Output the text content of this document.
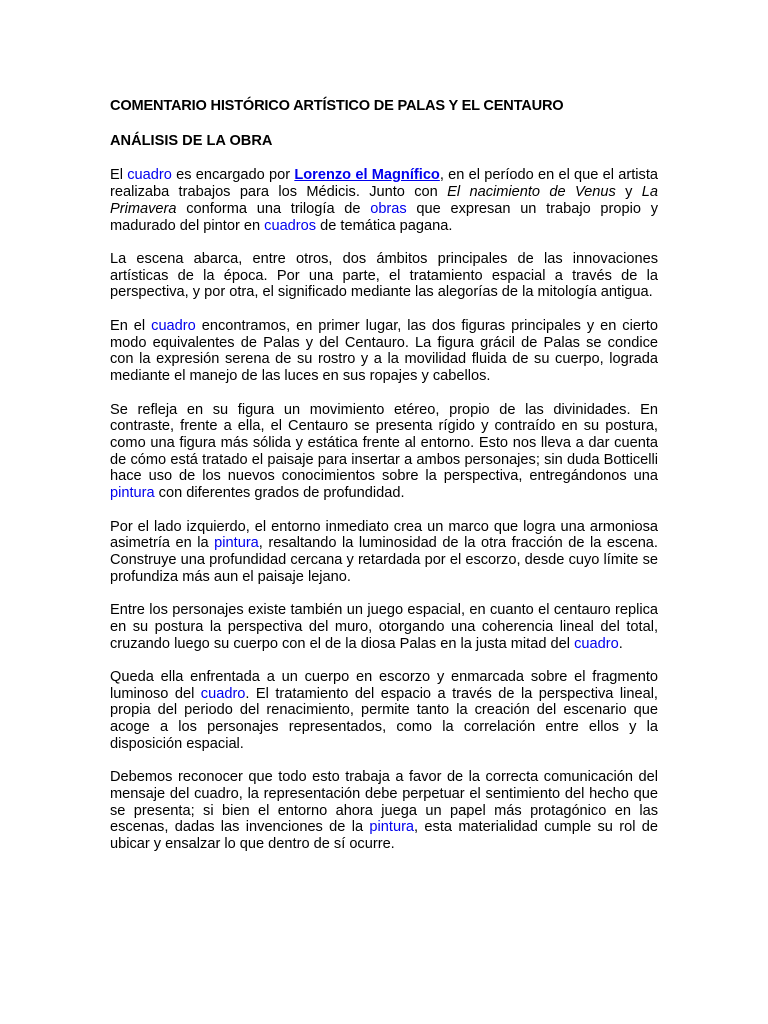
COMENTARIO HISTÓRICO ARTÍSTICO DE PALAS Y EL CENTAURO
ANÁLISIS DE LA OBRA

El cuadro es encargado por Lorenzo el Magnífico, en el período en el que el artista realizaba trabajos para los Médicis. Junto con El nacimiento de Venus y La Primavera conforma una trilogía de obras que expresan un trabajo propio y madurado del pintor en cuadros de temática pagana.

La escena abarca, entre otros, dos ámbitos principales de las innovaciones artísticas de la época. Por una parte, el tratamiento espacial a través de la perspectiva, y por otra, el significado mediante las alegorías de la mitología antigua.

En el cuadro encontramos, en primer lugar, las dos figuras principales y en cierto modo equivalentes de Palas y del Centauro. La figura grácil de Palas se condice con la expresión serena de su rostro y a la movilidad fluida de su cuerpo, lograda mediante el manejo de las luces en sus ropajes y cabellos.

Se refleja en su figura un movimiento etéreo, propio de las divinidades. En contraste, frente a ella, el Centauro se presenta rígido y contraído en su postura, como una figura más sólida y estática frente al entorno. Esto nos lleva a dar cuenta de cómo está tratado el paisaje para insertar a ambos personajes; sin duda Botticelli hace uso de los nuevos conocimientos sobre la perspectiva, entregándonos una pintura con diferentes grados de profundidad.

Por el lado izquierdo, el entorno inmediato crea un marco que logra una armoniosa asimetría en la pintura, resaltando la luminosidad de la otra fracción de la escena. Construye una profundidad cercana y retardada por el escorzo, desde cuyo límite se profundiza más aun el paisaje lejano.

Entre los personajes existe también un juego espacial, en cuanto el centauro replica en su postura la perspectiva del muro, otorgando una coherencia lineal del total, cruzando luego su cuerpo con el de la diosa Palas en la justa mitad del cuadro.

Queda ella enfrentada a un cuerpo en escorzo y enmarcada sobre el fragmento luminoso del cuadro. El tratamiento del espacio a través de la perspectiva lineal, propia del periodo del renacimiento, permite tanto la creación del escenario que acoge a los personajes representados, como la correlación entre ellos y la disposición espacial.

Debemos reconocer que todo esto trabaja a favor de la correcta comunicación del mensaje del cuadro, la representación debe perpetuar el sentimiento del hecho que se presenta; si bien el entorno ahora juega un papel más protagónico en las escenas, dadas las invenciones de la pintura, esta materialidad cumple su rol de ubicar y ensalzar lo que dentro de sí ocurre.
